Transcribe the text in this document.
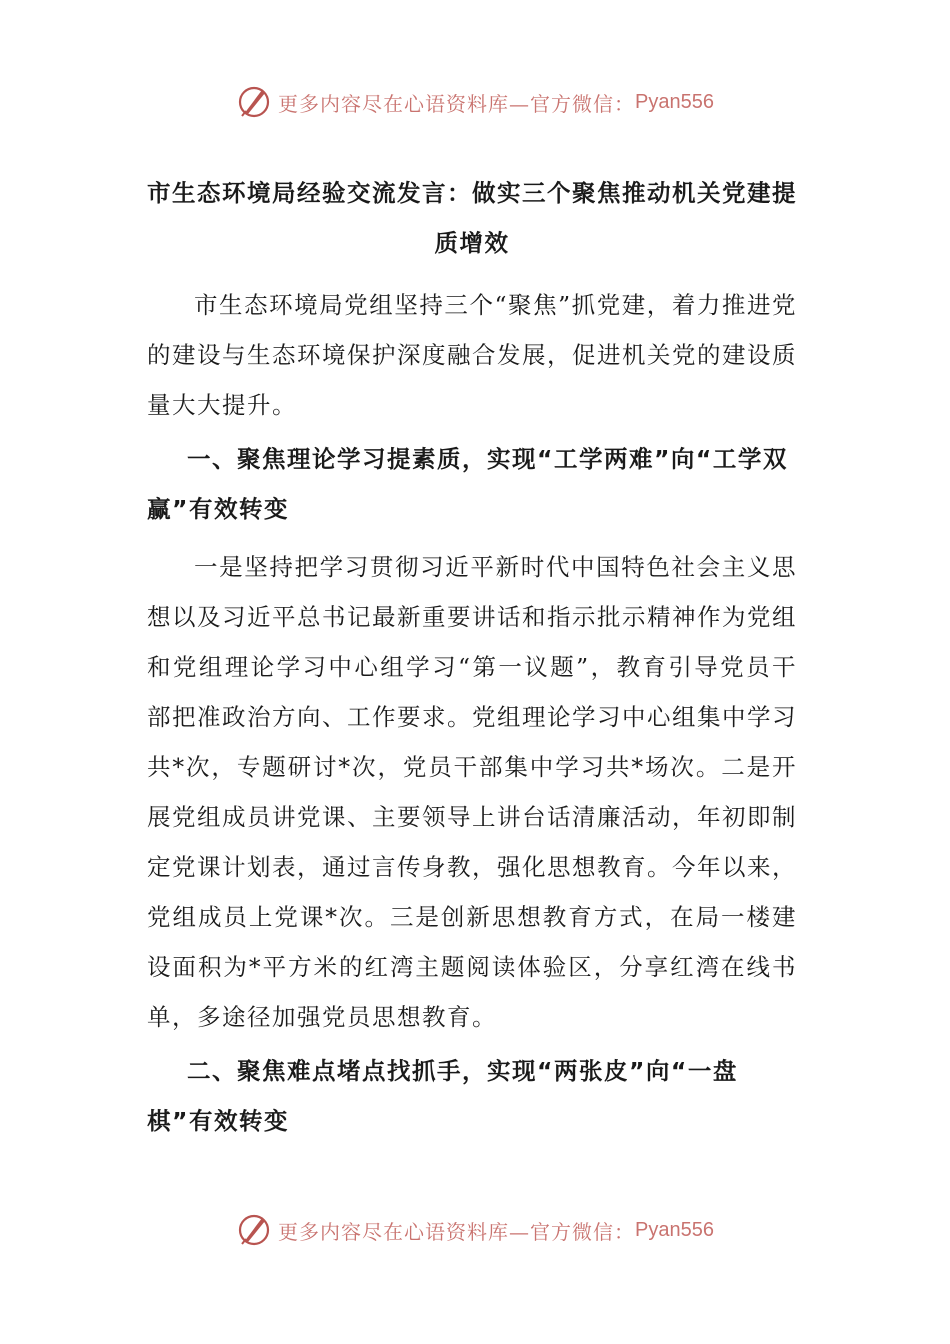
更多内容尽在心语资料库—官方微信： Pyan556
市生态环境局经验交流发言：做实三个聚焦推动机关党建提质增效

市生态环境局党组坚持三个“聚焦”抓党建，着力推进党的建设与生态环境保护深度融合发展，促进机关党的建设质量大大提升。

一、聚焦理论学习提素质，实现“工学两难”向“工学双赢”有效转变

一是坚持把学习贯彻习近平新时代中国特色社会主义思想以及习近平总书记最新重要讲话和指示批示精神作为党组和党组理论学习中心组学习“第一议题”，教育引导党员干部把准政治方向、工作要求。党组理论学习中心组集中学习共*次，专题研讨*次，党员干部集中学习共*场次。二是开展党组成员讲党课、主要领导上讲台话清廉活动，年初即制定党课计划表，通过言传身教，强化思想教育。今年以来，党组成员上党课*次。三是创新思想教育方式，在局一楼建设面积为*平方米的红湾主题阅读体验区，分享红湾在线书单，多途径加强党员思想教育。

二、聚焦难点堵点找抓手，实现“两张皮”向“一盘棋”有效转变

更多内容尽在心语资料库—官方微信： Pyan556
